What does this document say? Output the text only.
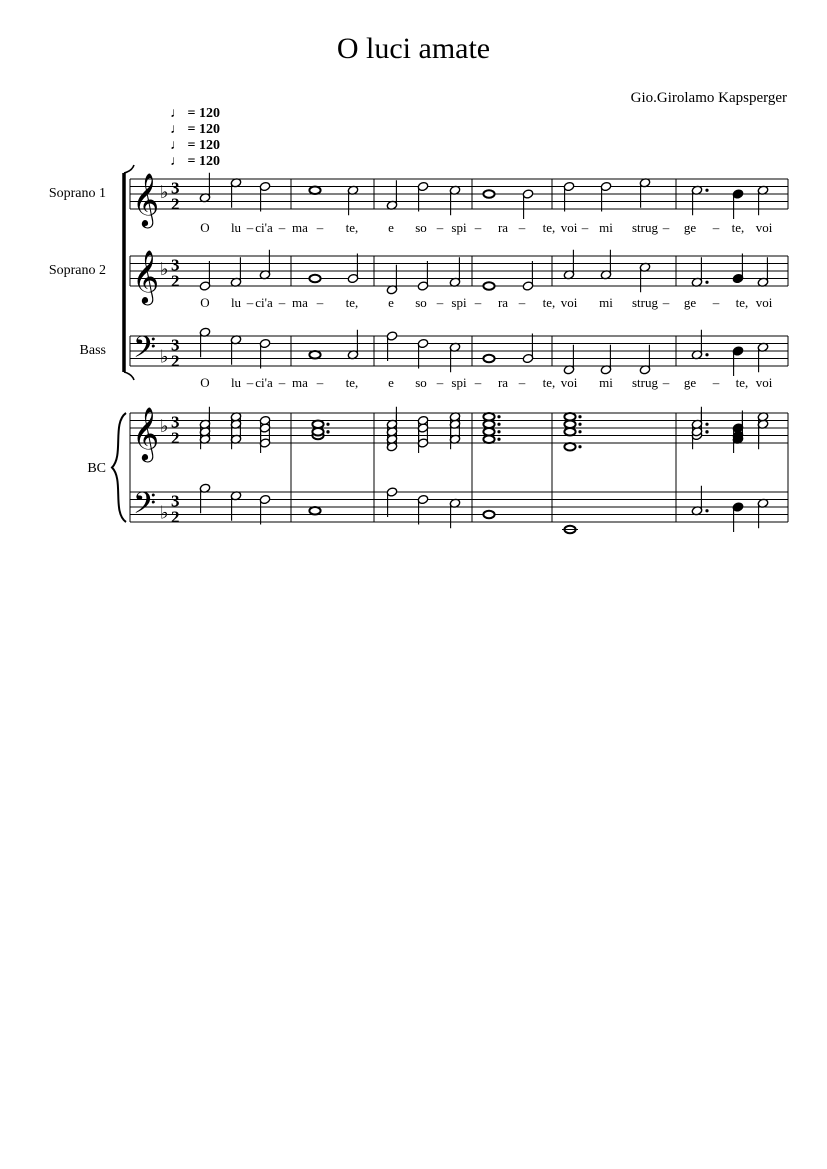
O luci amate
Gio.Girolamo Kapsperger
♩ = 120
♩ = 120
♩ = 120
♩ = 120
Soprano 1
Soprano 2
Bass
BC
𝄞
𝄞
𝄢
𝄞
𝄢
♭
♭
♭
♭
♭
3
2
3
2
3
2
3
2
3
2
O lu – ci'a – ma – te, e so – spi – ra – te, voi – mi strug – ge – te, voi
O lu – ci'a – ma – te, e so – spi – ra – te, voi mi strug – ge – te, voi
O lu – ci'a – ma – te, e so – spi – ra – te, voi mi strug – ge – te, voi
